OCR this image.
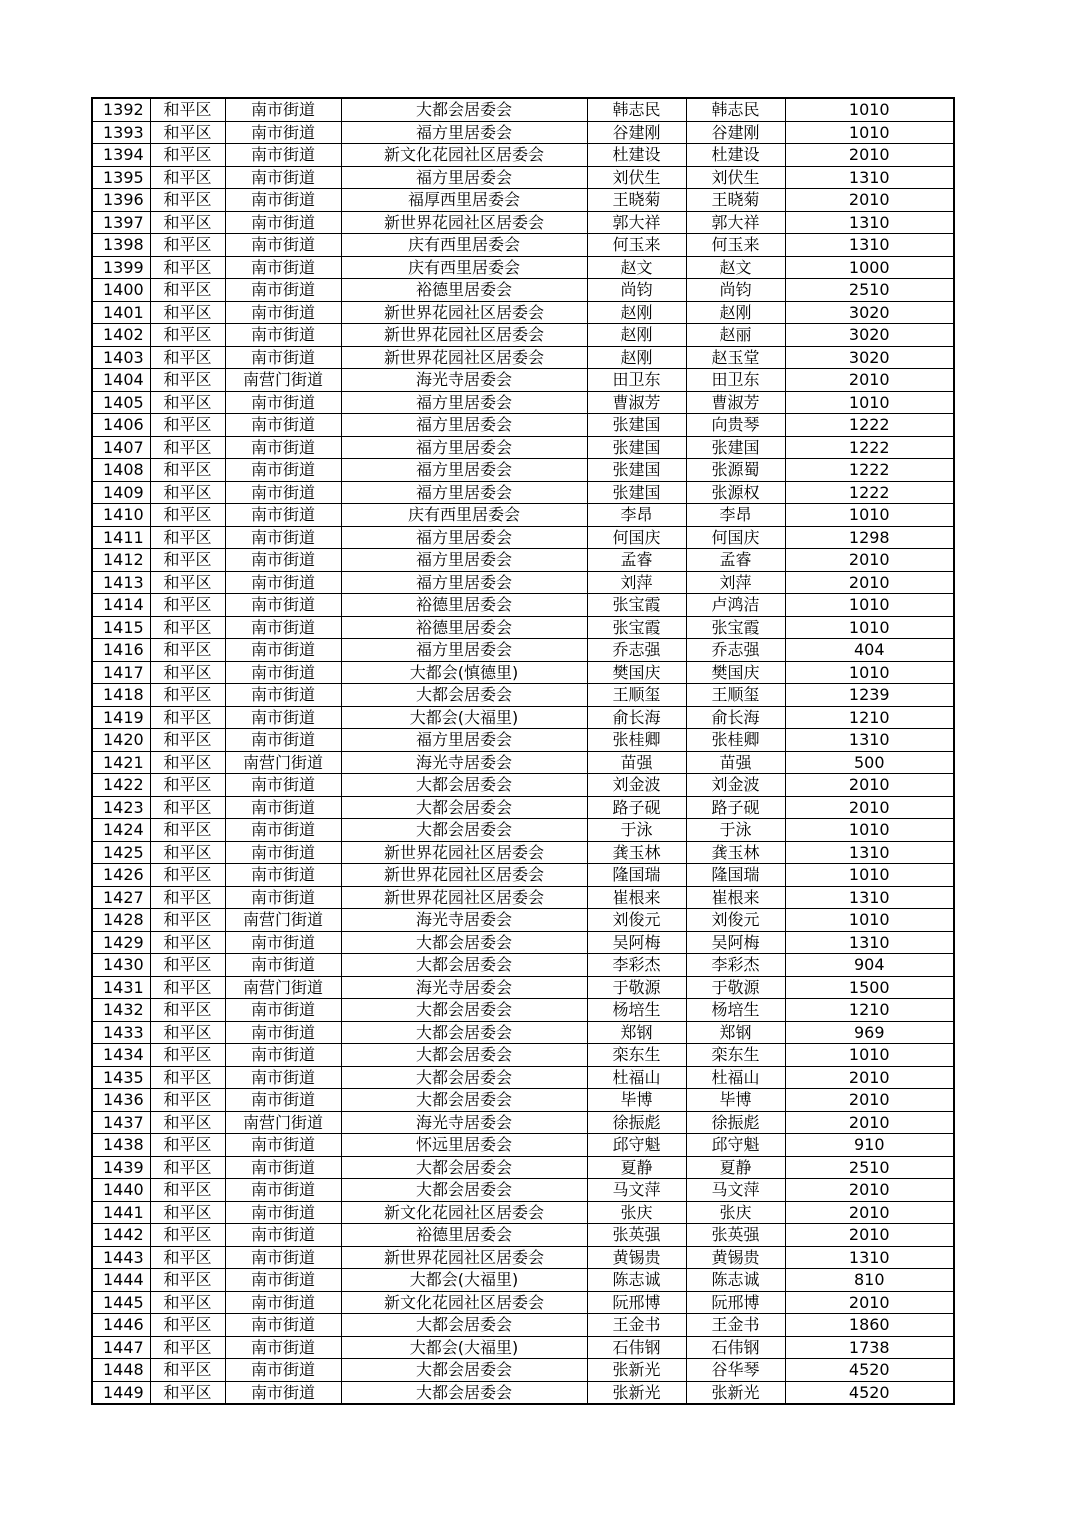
1392	和平区	南市街道	大都会居委会	韩志民	韩志民	1010
1393	和平区	南市街道	福方里居委会	谷建刚	谷建刚	1010
1394	和平区	南市街道	新文化花园社区居委会	杜建设	杜建设	2010
1395	和平区	南市街道	福方里居委会	刘伏生	刘伏生	1310
1396	和平区	南市街道	福厚西里居委会	王晓菊	王晓菊	2010
1397	和平区	南市街道	新世界花园社区居委会	郭大祥	郭大祥	1310
1398	和平区	南市街道	庆有西里居委会	何玉来	何玉来	1310
1399	和平区	南市街道	庆有西里居委会	赵文	赵文	1000
1400	和平区	南市街道	裕德里居委会	尚钧	尚钧	2510
1401	和平区	南市街道	新世界花园社区居委会	赵刚	赵刚	3020
1402	和平区	南市街道	新世界花园社区居委会	赵刚	赵丽	3020
1403	和平区	南市街道	新世界花园社区居委会	赵刚	赵玉堂	3020
1404	和平区	南营门街道	海光寺居委会	田卫东	田卫东	2010
1405	和平区	南市街道	福方里居委会	曹淑芳	曹淑芳	1010
1406	和平区	南市街道	福方里居委会	张建国	向贵琴	1222
1407	和平区	南市街道	福方里居委会	张建国	张建国	1222
1408	和平区	南市街道	福方里居委会	张建国	张源蜀	1222
1409	和平区	南市街道	福方里居委会	张建国	张源权	1222
1410	和平区	南市街道	庆有西里居委会	李昂	李昂	1010
1411	和平区	南市街道	福方里居委会	何国庆	何国庆	1298
1412	和平区	南市街道	福方里居委会	孟睿	孟睿	2010
1413	和平区	南市街道	福方里居委会	刘萍	刘萍	2010
1414	和平区	南市街道	裕德里居委会	张宝霞	卢鸿洁	1010
1415	和平区	南市街道	裕德里居委会	张宝霞	张宝霞	1010
1416	和平区	南市街道	福方里居委会	乔志强	乔志强	404
1417	和平区	南市街道	大都会(慎德里)	樊国庆	樊国庆	1010
1418	和平区	南市街道	大都会居委会	王顺玺	王顺玺	1239
1419	和平区	南市街道	大都会(大福里)	俞长海	俞长海	1210
1420	和平区	南市街道	福方里居委会	张桂卿	张桂卿	1310
1421	和平区	南营门街道	海光寺居委会	苗强	苗强	500
1422	和平区	南市街道	大都会居委会	刘金波	刘金波	2010
1423	和平区	南市街道	大都会居委会	路子砚	路子砚	2010
1424	和平区	南市街道	大都会居委会	于泳	于泳	1010
1425	和平区	南市街道	新世界花园社区居委会	龚玉林	龚玉林	1310
1426	和平区	南市街道	新世界花园社区居委会	隆国瑞	隆国瑞	1010
1427	和平区	南市街道	新世界花园社区居委会	崔根来	崔根来	1310
1428	和平区	南营门街道	海光寺居委会	刘俊元	刘俊元	1010
1429	和平区	南市街道	大都会居委会	吴阿梅	吴阿梅	1310
1430	和平区	南市街道	大都会居委会	李彩杰	李彩杰	904
1431	和平区	南营门街道	海光寺居委会	于敬源	于敬源	1500
1432	和平区	南市街道	大都会居委会	杨培生	杨培生	1210
1433	和平区	南市街道	大都会居委会	郑钢	郑钢	969
1434	和平区	南市街道	大都会居委会	栾东生	栾东生	1010
1435	和平区	南市街道	大都会居委会	杜福山	杜福山	2010
1436	和平区	南市街道	大都会居委会	毕博	毕博	2010
1437	和平区	南营门街道	海光寺居委会	徐振彪	徐振彪	2010
1438	和平区	南市街道	怀远里居委会	邱守魁	邱守魁	910
1439	和平区	南市街道	大都会居委会	夏静	夏静	2510
1440	和平区	南市街道	大都会居委会	马文萍	马文萍	2010
1441	和平区	南市街道	新文化花园社区居委会	张庆	张庆	2010
1442	和平区	南市街道	裕德里居委会	张英强	张英强	2010
1443	和平区	南市街道	新世界花园社区居委会	黄锡贵	黄锡贵	1310
1444	和平区	南市街道	大都会(大福里)	陈志诚	陈志诚	810
1445	和平区	南市街道	新文化花园社区居委会	阮邢博	阮邢博	2010
1446	和平区	南市街道	大都会居委会	王金书	王金书	1860
1447	和平区	南市街道	大都会(大福里)	石伟钢	石伟钢	1738
1448	和平区	南市街道	大都会居委会	张新光	谷华琴	4520
1449	和平区	南市街道	大都会居委会	张新光	张新光	4520
